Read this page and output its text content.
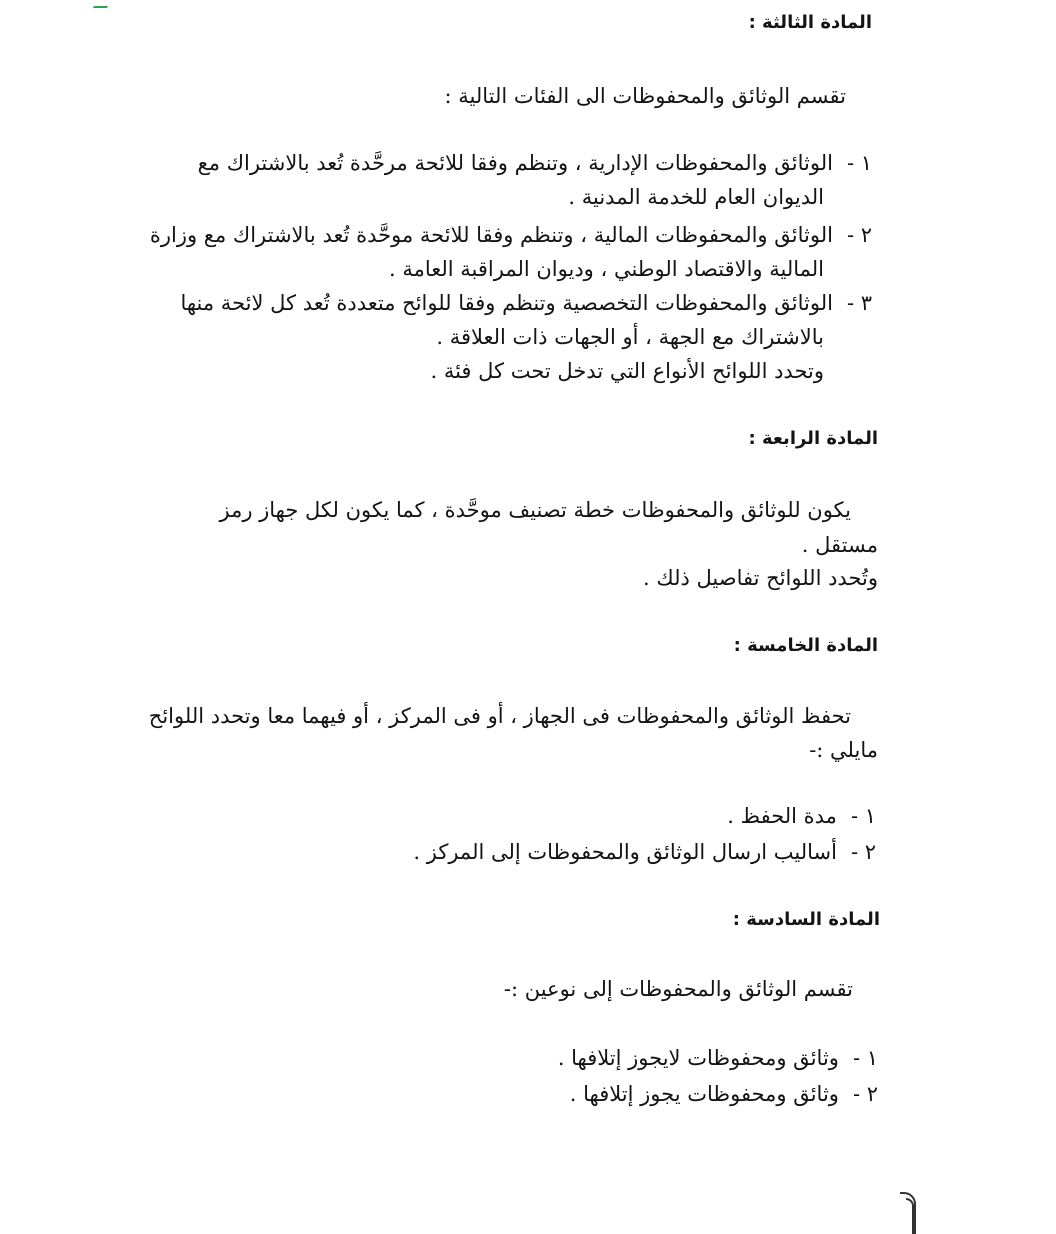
المادة الثالثة :
تقسم الوثائق والمحفوظات الى الفئات التالية :
١ -الوثائق والمحفوظات الإدارية ، وتنظم وفقا للائحة مرحَّدة تُعد بالاشتراك مع
الديوان العام للخدمة المدنية .
٢ -الوثائق والمحفوظات المالية ، وتنظم وفقا للائحة موحَّدة تُعد بالاشتراك مع وزارة
المالية والاقتصاد الوطني ، وديوان المراقبة العامة .
٣ -الوثائق والمحفوظات التخصصية وتنظم وفقا للوائح متعددة تُعد كل لائحة منها
بالاشتراك مع الجهة ، أو الجهات ذات العلاقة .
وتحدد اللوائح الأنواع التي تدخل تحت كل فئة .
المادة الرابعة :
يكون للوثائق والمحفوظات خطة تصنيف موحَّدة ، كما يكون لكل جهاز رمز
مستقل .
وتُحدد اللوائح تفاصيل ذلك .
المادة الخامسة :
تحفظ الوثائق والمحفوظات فى الجهاز ، أو فى المركز ، أو فيهما معا وتحدد اللوائح
مايلي :-
١ -مدة الحفظ .
٢ -أساليب ارسال الوثائق والمحفوظات إلى المركز .
المادة السادسة :
تقسم الوثائق والمحفوظات إلى نوعين :-
١ -وثائق ومحفوظات لايجوز إتلافها .
٢ -وثائق ومحفوظات يجوز إتلافها .
